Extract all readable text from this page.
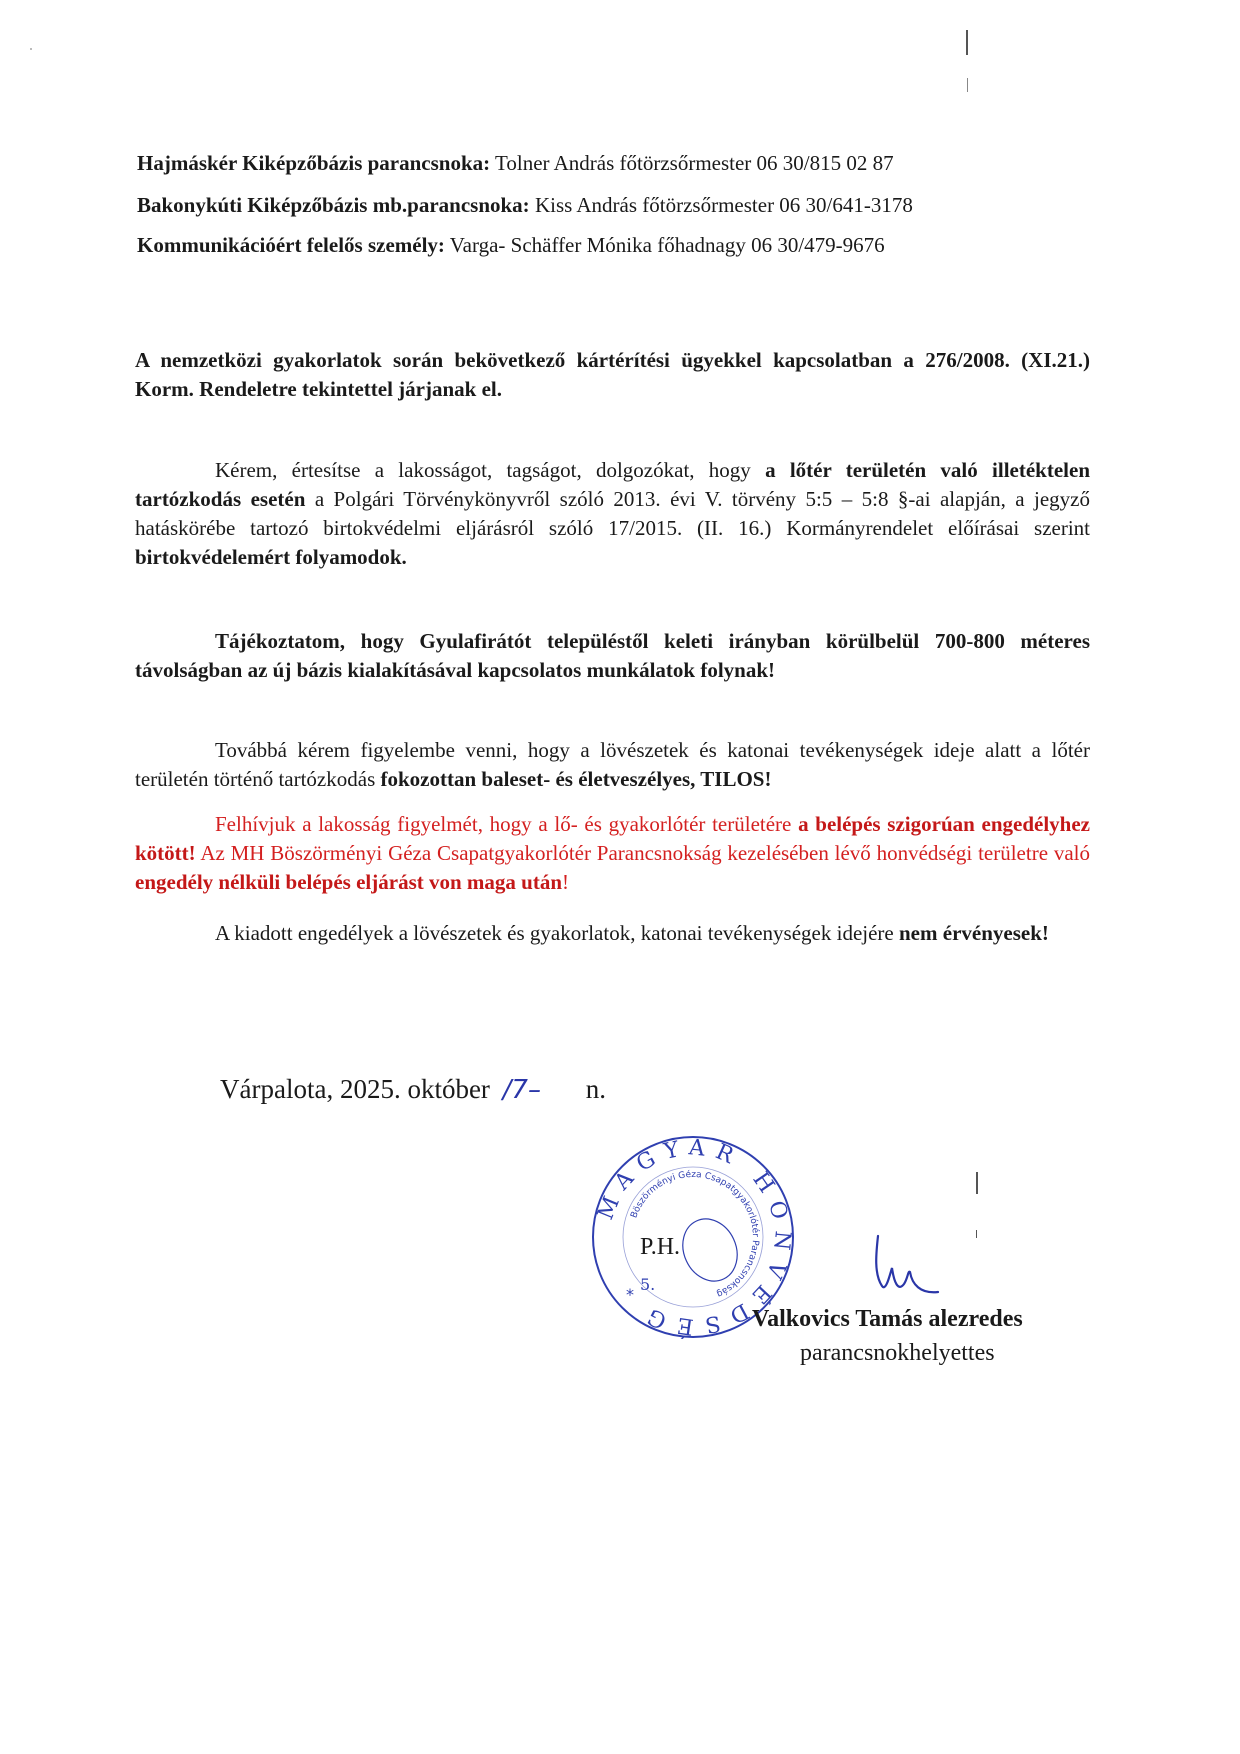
Hajmáskér Kiképzőbázis parancsnoka: Tolner András főtörzsőrmester 06 30/815 02 87
Bakonykúti Kiképzőbázis mb.parancsnoka: Kiss András főtörzsőrmester 06 30/641-3178
Kommunikációért felelős személy: Varga- Schäffer Mónika főhadnagy 06 30/479-9676
A nemzetközi gyakorlatok során bekövetkező kártérítési ügyekkel kapcsolatban a 276/2008. (XI.21.) Korm. Rendeletre tekintettel járjanak el.
Kérem, értesítse a lakosságot, tagságot, dolgozókat, hogy a lőtér területén való illetéktelen tartózkodás esetén a Polgári Törvénykönyvről szóló 2013. évi V. törvény 5:5 – 5:8 §-ai alapján, a jegyző hatáskörébe tartozó birtokvédelmi eljárásról szóló 17/2015. (II. 16.) Kormányrendelet előírásai szerint birtokvédelemért folyamodok.
Tájékoztatom, hogy Gyulafirátót településtől keleti irányban körülbelül 700-800 méteres távolságban az új bázis kialakításával kapcsolatos munkálatok folynak!
Továbbá kérem figyelembe venni, hogy a lövészetek és katonai tevékenységek ideje alatt a lőtér területén történő tartózkodás fokozottan baleset- és életveszélyes, TILOS!
Felhívjuk a lakosság figyelmét, hogy a lő- és gyakorlótér területére a belépés szigorúan engedélyhez kötött! Az MH Böszörményi Géza Csapatgyakorlótér Parancsnokság kezelésében lévő honvédségi területre való engedély nélküli belépés eljárást von maga után!
A kiadott engedélyek a lövészetek és gyakorlatok, katonai tevékenységek idejére nem érvényesek!
Várpalota, 2025. október /7– n.
MAGYAR HONVÉDSÉG
Böszörményi Géza Csapatgyakorlótér Parancsnokság
5.
*
P.H.
Valkovics Tamás alezredes
parancsnokhelyettes
